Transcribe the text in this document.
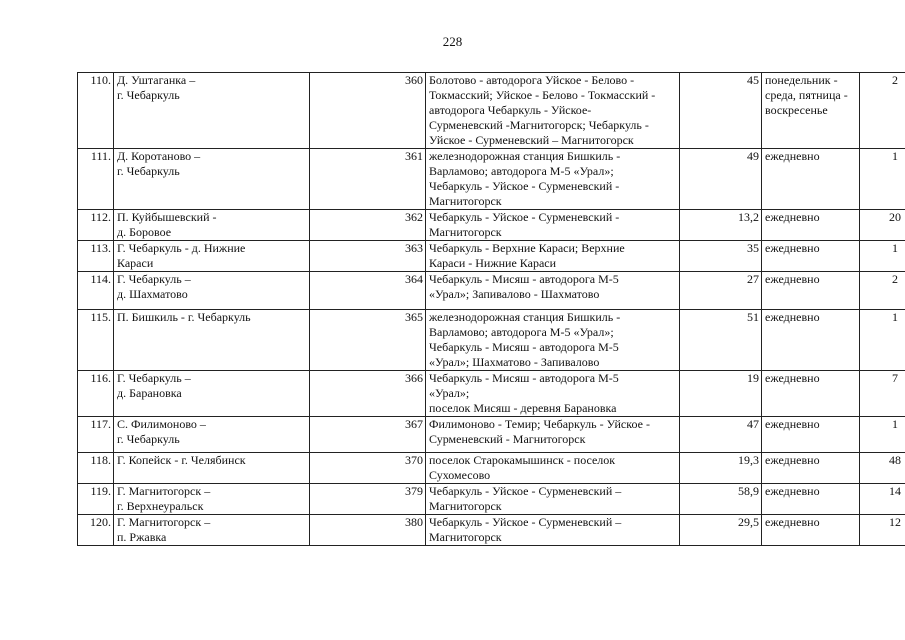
228
110.	Д. Уштаганка –
г. Чебаркуль	360	Болотово - автодорога Уйское - Белово -
Токмасский; Уйское - Белово - Токмасский -
автодорога Чебаркуль - Уйское-
Сурменевский -Магнитогорск; Чебаркуль -
Уйское - Сурменевский – Магнитогорск	45	понедельник -
среда, пятница -
воскресенье	2
111.	Д. Коротаново –
г. Чебаркуль	361	железнодорожная станция Бишкиль -
Варламово; автодорога М-5 «Урал»;
Чебаркуль - Уйское - Сурменевский -
Магнитогорск	49	ежедневно	1
112.	П. Куйбышевский -
д. Боровое	362	Чебаркуль - Уйское - Сурменевский -
Магнитогорск	13,2	ежедневно	20
113.	Г. Чебаркуль - д. Нижние
Караси	363	Чебаркуль - Верхние Караси; Верхние
Караси - Нижние Караси	35	ежедневно	1
114.	Г. Чебаркуль –
д. Шахматово	364	Чебаркуль - Мисяш - автодорога М-5
«Урал»; Запивалово - Шахматово	27	ежедневно	2
115.	П. Бишкиль - г. Чебаркуль	365	железнодорожная станция Бишкиль -
Варламово; автодорога М-5 «Урал»;
Чебаркуль - Мисяш - автодорога М-5
«Урал»; Шахматово - Запивалово	51	ежедневно	1
116.	Г. Чебаркуль –
д. Барановка	366	Чебаркуль - Мисяш - автодорога М-5
«Урал»;
поселок Мисяш - деревня Барановка	19	ежедневно	7
117.	С. Филимоново –
г. Чебаркуль	367	Филимоново - Темир; Чебаркуль - Уйское -
Сурменевский - Магнитогорск	47	ежедневно	1
118.	Г. Копейск - г. Челябинск	370	поселок Старокамышинск - поселок
Сухомесово	19,3	ежедневно	48
119.	Г. Магнитогорск –
г. Верхнеуральск	379	Чебаркуль - Уйское - Сурменевский –
Магнитогорск	58,9	ежедневно	14
120.	Г. Магнитогорск –
п. Ржавка	380	Чебаркуль - Уйское - Сурменевский –
Магнитогорск	29,5	ежедневно	12
